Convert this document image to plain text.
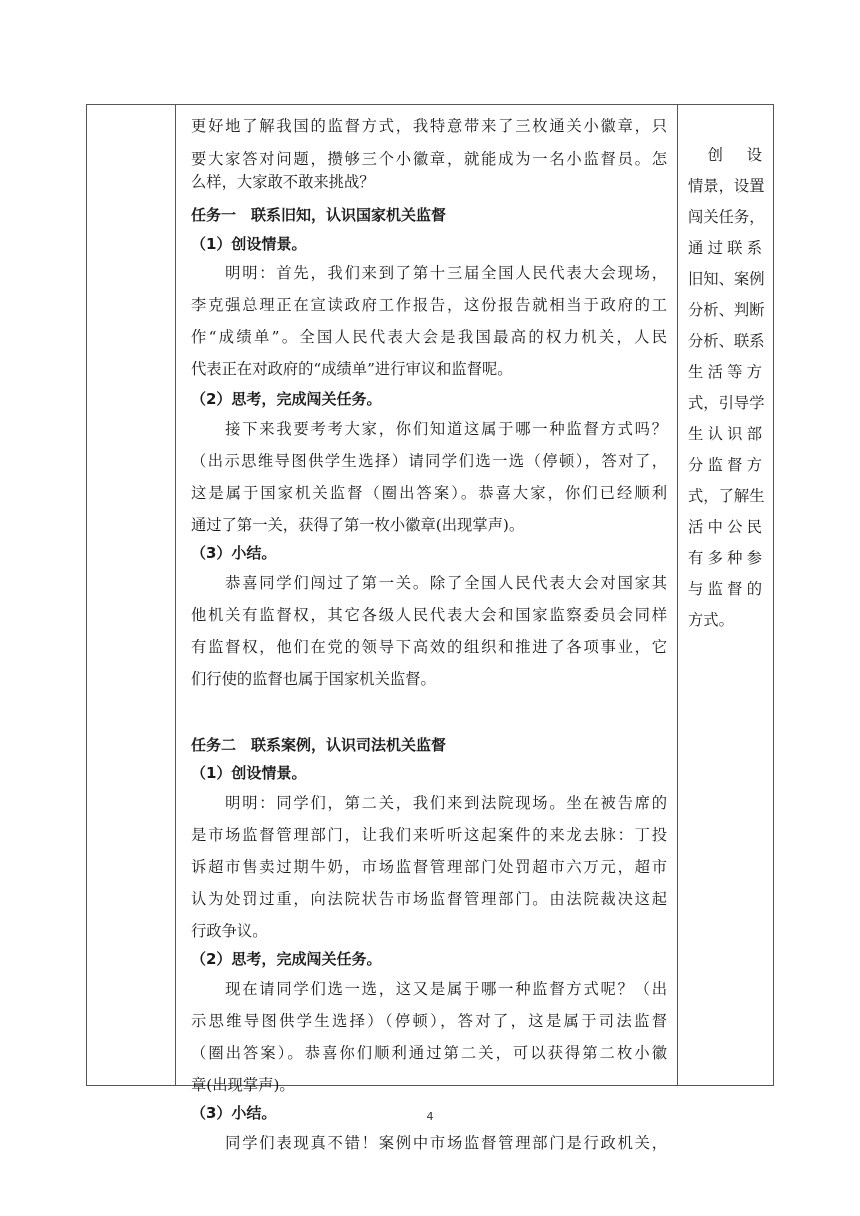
更好地了解我国的监督方式，我特意带来了三枚通关小徽章，只
要大家答对问题，攒够三个小徽章，就能成为一名小监督员。怎
么样，大家敢不敢来挑战？
任务一　联系旧知，认识国家机关监督
（1）创设情景。
　　明明：首先，我们来到了第十三届全国人民代表大会现场，
李克强总理正在宣读政府工作报告，这份报告就相当于政府的工
作“成绩单”。全国人民代表大会是我国最高的权力机关，人民
代表正在对政府的“成绩单”进行审议和监督呢。
（2）思考，完成闯关任务。
　　接下来我要考考大家，你们知道这属于哪一种监督方式吗？
（出示思维导图供学生选择）请同学们选一选（停顿），答对了，
这是属于国家机关监督（圈出答案）。恭喜大家，你们已经顺利
通过了第一关，获得了第一枚小徽章(出现掌声)。
（3）小结。
　　恭喜同学们闯过了第一关。除了全国人民代表大会对国家其
他机关有监督权，其它各级人民代表大会和国家监察委员会同样
有监督权，他们在党的领导下高效的组织和推进了各项事业，它
们行使的监督也属于国家机关监督。
任务二　联系案例，认识司法机关监督
（1）创设情景。
　　明明：同学们，第二关，我们来到法院现场。坐在被告席的
是市场监督管理部门，让我们来听听这起案件的来龙去脉：丁投
诉超市售卖过期牛奶，市场监督管理部门处罚超市六万元，超市
认为处罚过重，向法院状告市场监督管理部门。由法院裁决这起
行政争议。
（2）思考，完成闯关任务。
　　现在请同学们选一选，这又是属于哪一种监督方式呢？（出
示思维导图供学生选择）（停顿），答对了，这是属于司法监督
（圈出答案）。恭喜你们顺利通过第二关，可以获得第二枚小徽
章(出现掌声)。
（3）小结。
　　同学们表现真不错！案例中市场监督管理部门是行政机关，
　创　设
情景，设置
闯关任务，
通过联系
旧知、案例
分析、判断
分析、联系
生活等方
式，引导学
生认识部
分监督方
式，了解生
活中公民
有多种参
与监督的
方式。
4
